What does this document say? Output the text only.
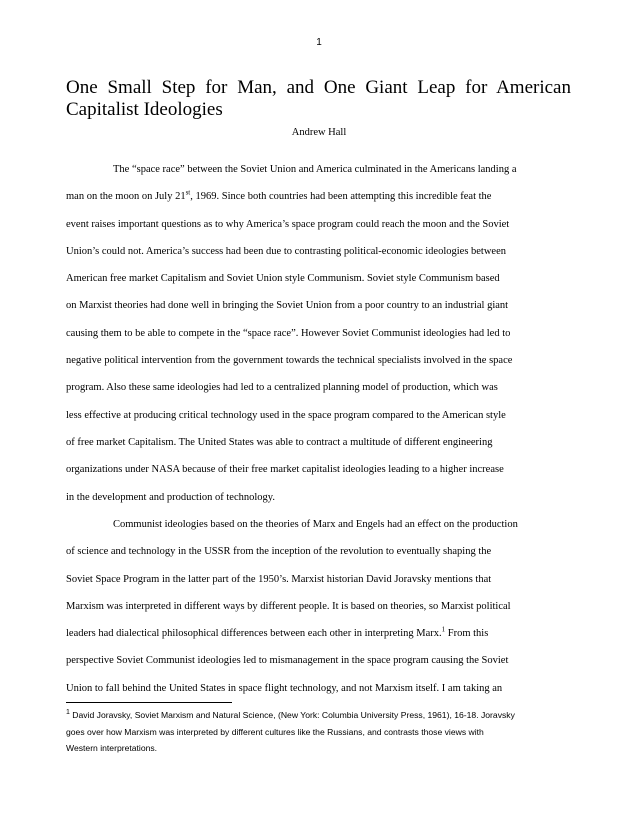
1
One Small Step for Man, and One Giant Leap for American Capitalist Ideologies
Andrew Hall
The “space race” between the Soviet Union and America culminated in the Americans landing a
man on the moon on July 21st, 1969. Since both countries had been attempting this incredible feat the
event raises important questions as to why America’s space program could reach the moon and the Soviet
Union’s could not. America’s success had been due to contrasting political-economic ideologies between
American free market Capitalism and Soviet Union style Communism. Soviet style Communism based
on Marxist theories had done well in bringing the Soviet Union from a poor country to an industrial giant
causing them to be able to compete in the “space race”. However Soviet Communist ideologies had led to
negative political intervention from the government towards the technical specialists involved in the space
program. Also these same ideologies had led to a centralized planning model of production, which was
less effective at producing critical technology used in the space program compared to the American style
of free market Capitalism. The United States was able to contract a multitude of different engineering
organizations under NASA because of their free market capitalist ideologies leading to a higher increase
in the development and production of technology.
Communist ideologies based on the theories of Marx and Engels had an effect on the production
of science and technology in the USSR from the inception of the revolution to eventually shaping the
Soviet Space Program in the latter part of the 1950’s. Marxist historian David Joravsky mentions that
Marxism was interpreted in different ways by different people. It is based on theories, so Marxist political
leaders had dialectical philosophical differences between each other in interpreting Marx.$^1$ From this
perspective Soviet Communist ideologies led to mismanagement in the space program causing the Soviet
Union to fall behind the United States in space flight technology, and not Marxism itself. I am taking an
$^1$ David Joravsky, Soviet Marxism and Natural Science, (New York: Columbia University Press, 1961), 16-18. Joravsky
goes over how Marxism was interpreted by different cultures like the Russians, and contrasts those views with
Western interpretations.
